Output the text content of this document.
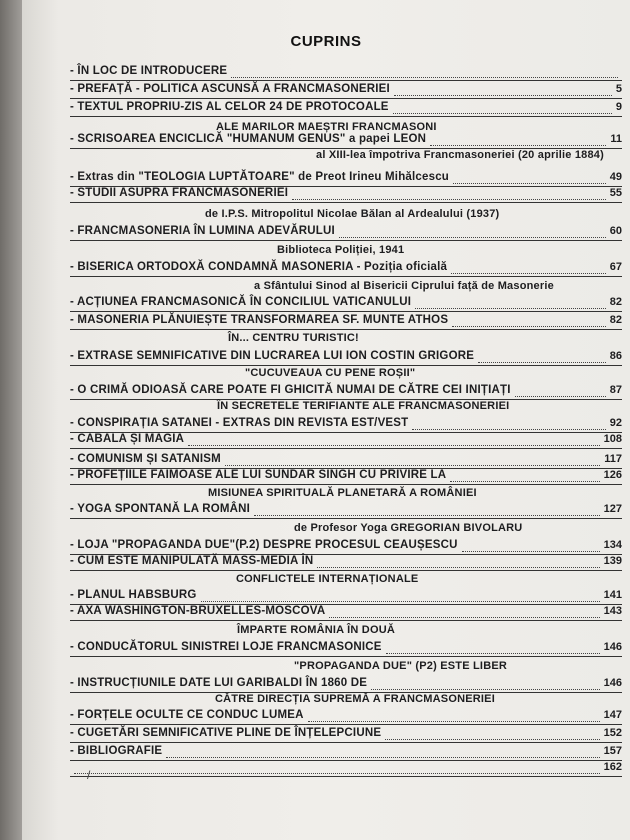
CUPRINS
- ÎN LOC DE INTRODUCERE
- PREFAȚĂ - POLITICA ASCUNSĂ A FRANCMASONERIEI	5
- TEXTUL PROPRIU-ZIS AL CELOR 24 DE PROTOCOALE	9
ALE MARILOR MAEȘTRI FRANCMASONI
- SCRISOAREA ENCICLICĂ "HUMANUM GENUS" a papei LEON	11
al XIII-lea împotriva Francmasoneriei (20 aprilie 1884)
- Extras din "TEOLOGIA LUPTĂTOARE" de Preot Irineu Mihălcescu	49
- STUDII ASUPRA FRANCMASONERIEI	55
de I.P.S. Mitropolitul Nicolae Bălan al Ardealului (1937)
- FRANCMASONERIA ÎN LUMINA ADEVĂRULUI	60
Biblioteca Poliției, 1941
- BISERICA ORTODOXĂ CONDAMNĂ MASONERIA - Poziția oficială	67
a Sfântului Sinod al Bisericii Ciprului față de Masonerie
- ACȚIUNEA FRANCMASONICĂ ÎN CONCILIUL VATICANULUI	82
- MASONERIA PLĂNUIEȘTE TRANSFORMAREA SF. MUNTE ATHOS	82
ÎN... CENTRU TURISTIC!
- EXTRASE SEMNIFICATIVE DIN LUCRAREA LUI ION COSTIN GRIGORE	86
"CUCUVEAUA CU PENE ROȘII"
- O CRIMĂ ODIOASĂ CARE POATE FI GHICITĂ NUMAI DE CĂTRE CEI INIȚIAȚI	87
ÎN SECRETELE TERIFIANTE ALE FRANCMASONERIEI
- CONSPIRAȚIA SATANEI - EXTRAS DIN REVISTA EST/VEST	92
- CABALA ȘI MAGIA	108
- COMUNISM ȘI SATANISM	117
- PROFEȚIILE FAIMOASE ALE LUI SUNDAR SINGH CU PRIVIRE LA	126
MISIUNEA SPIRITUALĂ PLANETARĂ A ROMÂNIEI
- YOGA SPONTANĂ LA ROMÂNI	127
de Profesor Yoga GREGORIAN BIVOLARU
- LOJA "PROPAGANDA DUE"(P.2) DESPRE PROCESUL CEAUȘESCU	134
- CUM ESTE MANIPULATĂ MASS-MEDIA ÎN	139
CONFLICTELE INTERNAȚIONALE
- PLANUL HABSBURG	141
- AXA WASHINGTON-BRUXELLES-MOSCOVA	143
ÎMPARTE ROMÂNIA ÎN DOUĂ
- CONDUCĂTORUL SINISTREI LOJE FRANCMASONICE	146
"PROPAGANDA DUE" (P2) ESTE LIBER
- INSTRUCȚIUNILE DATE LUI GARIBALDI ÎN 1860 DE	146
CĂTRE DIRECȚIA SUPREMĂ A FRANCMASONERIEI
- FORȚELE OCULTE CE CONDUC LUMEA	147
- CUGETĂRI SEMNIFICATIVE PLINE DE ÎNȚELEPCIUNE	152
- BIBLIOGRAFIE	157
162
/
